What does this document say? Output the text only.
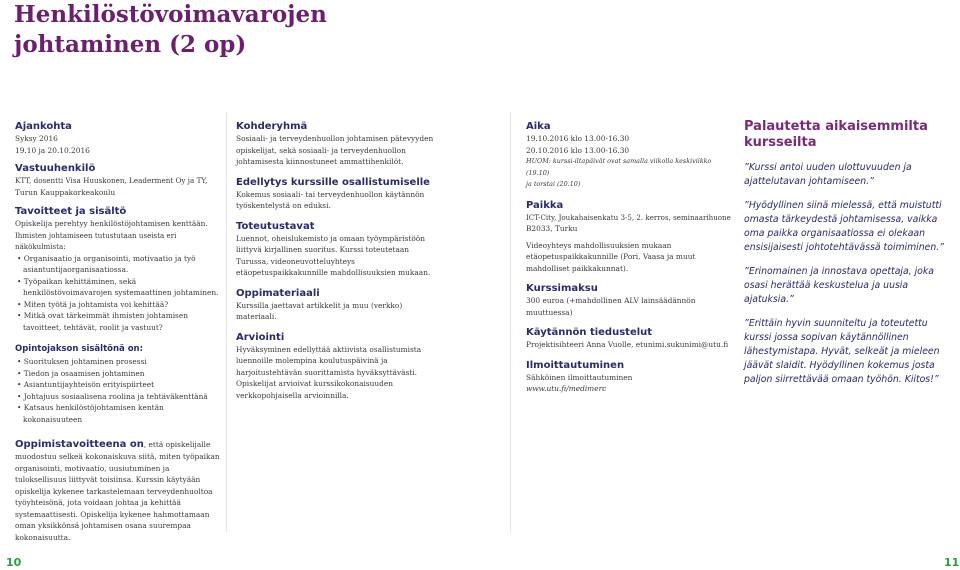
Henkilöstövoimavarojen johtaminen (2 op)

Ajankohta

Syksy 2016

19.10 ja 20.10.2016

Vastuuhenkilö

KTT, dosentti Visa Huuskonen, Leaderment Oy ja TY,

Turun Kauppakorkeakoulu

Tavoitteet ja sisältö

Opiskelija perehtyy henkilöstöjohtamisen kenttään.

Ihmisten johtamiseen tutustutaan useista eri näkökulmista:

• Organisaatio ja organisointi, motivaatio ja työ asiantuntijaorganisaatiossa.
• Työpaikan kehittäminen, sekä henkilöstövoimavarojen systemaattinen johtaminen.
• Miten työtä ja johtamista voi kehittää?
• Mitkä ovat tärkeimmät ihmisten johtamisen tavoitteet, tehtävät, roolit ja vastuut?

Opintojakson sisältönä on:

• Suorituksen johtaminen prosessi
• Tiedon ja osaamisen johtaminen
• Asiantuntijayhteisön erityispiirteet
• Johtajuus sosiaalisena roolina ja tehtäväkenttänä
• Katsaus henkilöstöjohtamisen kentän kokonaisuuteen

Oppimistavoitteena on, että opiskelijalle muodostuu selkeä kokonaiskuva siitä, miten työpaikan organisointi, motivaatio, uusiutuminen ja tuloksellisuus liittyvät toisiinsa. Kurssin käytyään opiskelija kykenee tarkastelemaan terveydenhuoltoa työyhteisönä, jota voidaan johtaa ja kehittää systemaattisesti. Opiskelija kykenee hahmottamaan oman yksikkönsä johtamisen osana suurempaa kokonaisuutta.

Kohderyhmä

Sosiaali- ja terveydenhuollon johtamisen pätevyyden opiskelijat, sekä sosiaali- ja terveydenhuollon johtamisesta kiinnostuneet ammattihenkilöt.

Edellytys kurssille osallistumiselle

Kokemus sosiaali- tai terveydenhuollon käytännön työskentelystä on eduksi.

Toteutustavat

Luennot, oheislukemisto ja omaan työympäristöön liittyvä kirjallinen suoritus. Kurssi toteutetaan Turussa, videoneuvotteluyhteys etäopetuspaikkakunnille mahdollisuuksien mukaan.

Oppimateriaali

Kurssilla jaettavat artikkelit ja muu (verkko) materiaali.

Arviointi

Hyväksyminen edellyttää aktiivista osallistumista luennoille molempina koulutuspäivinä ja harjoitustehtävän suorittamista hyväksyttävästi. Opiskelijat arvioivat kurssikokonaisuuden verkkopohjaisella arvioinnilla.

Aika

19.10.2016 klo 13.00-16.30

20.10.2016 klo 13.00-16.30

HUOM: kurssi-iltapäivät ovat samalla viikolla keskiviikko (19.10)

ja torstai (20.10)

Paikka

ICT-City, Joukahaisenkatu 3-5, 2. kerros, seminaarihuone

B2033, Turku

Videoyhteys mahdollisuuksien mukaan etäopetuspaikkakunnille (Pori, Vaasa ja muut mahdolliset paikkakunnat).

Kurssimaksu

300 euroa (+mahdollinen ALV lainsäädännön muuttuessa)

Käytännön tiedustelut

Projektisihteeri Anna Vuolle, etunimi.sukunimi@utu.fi

Ilmoittautuminen

Sähköinen ilmoittautuminen

www.utu.fi/medimerc

Palautetta aikaisemmilta kursseilta

”Kurssi antoi uuden ulottuvuuden ja ajattelutavan johtamiseen.”

”Hyödyllinen siinä mielessä, että muistutti omasta tärkeydestä johtamisessa, vaikka oma paikka organisaatiossa ei olekaan ensisijaisesti johtotehtävässä toimiminen.”

”Erinomainen ja innostava opettaja, joka osasi herättää keskustelua ja uusia ajatuksia.”

”Erittäin hyvin suunniteltu ja toteutettu kurssi jossa sopivan käytännöllinen lähestymistapa. Hyvät, selkeät ja mieleen jäävät slaidit. Hyödyllinen kokemus josta paljon siirrettävää omaan työhön. Kiitos!”

10	11
